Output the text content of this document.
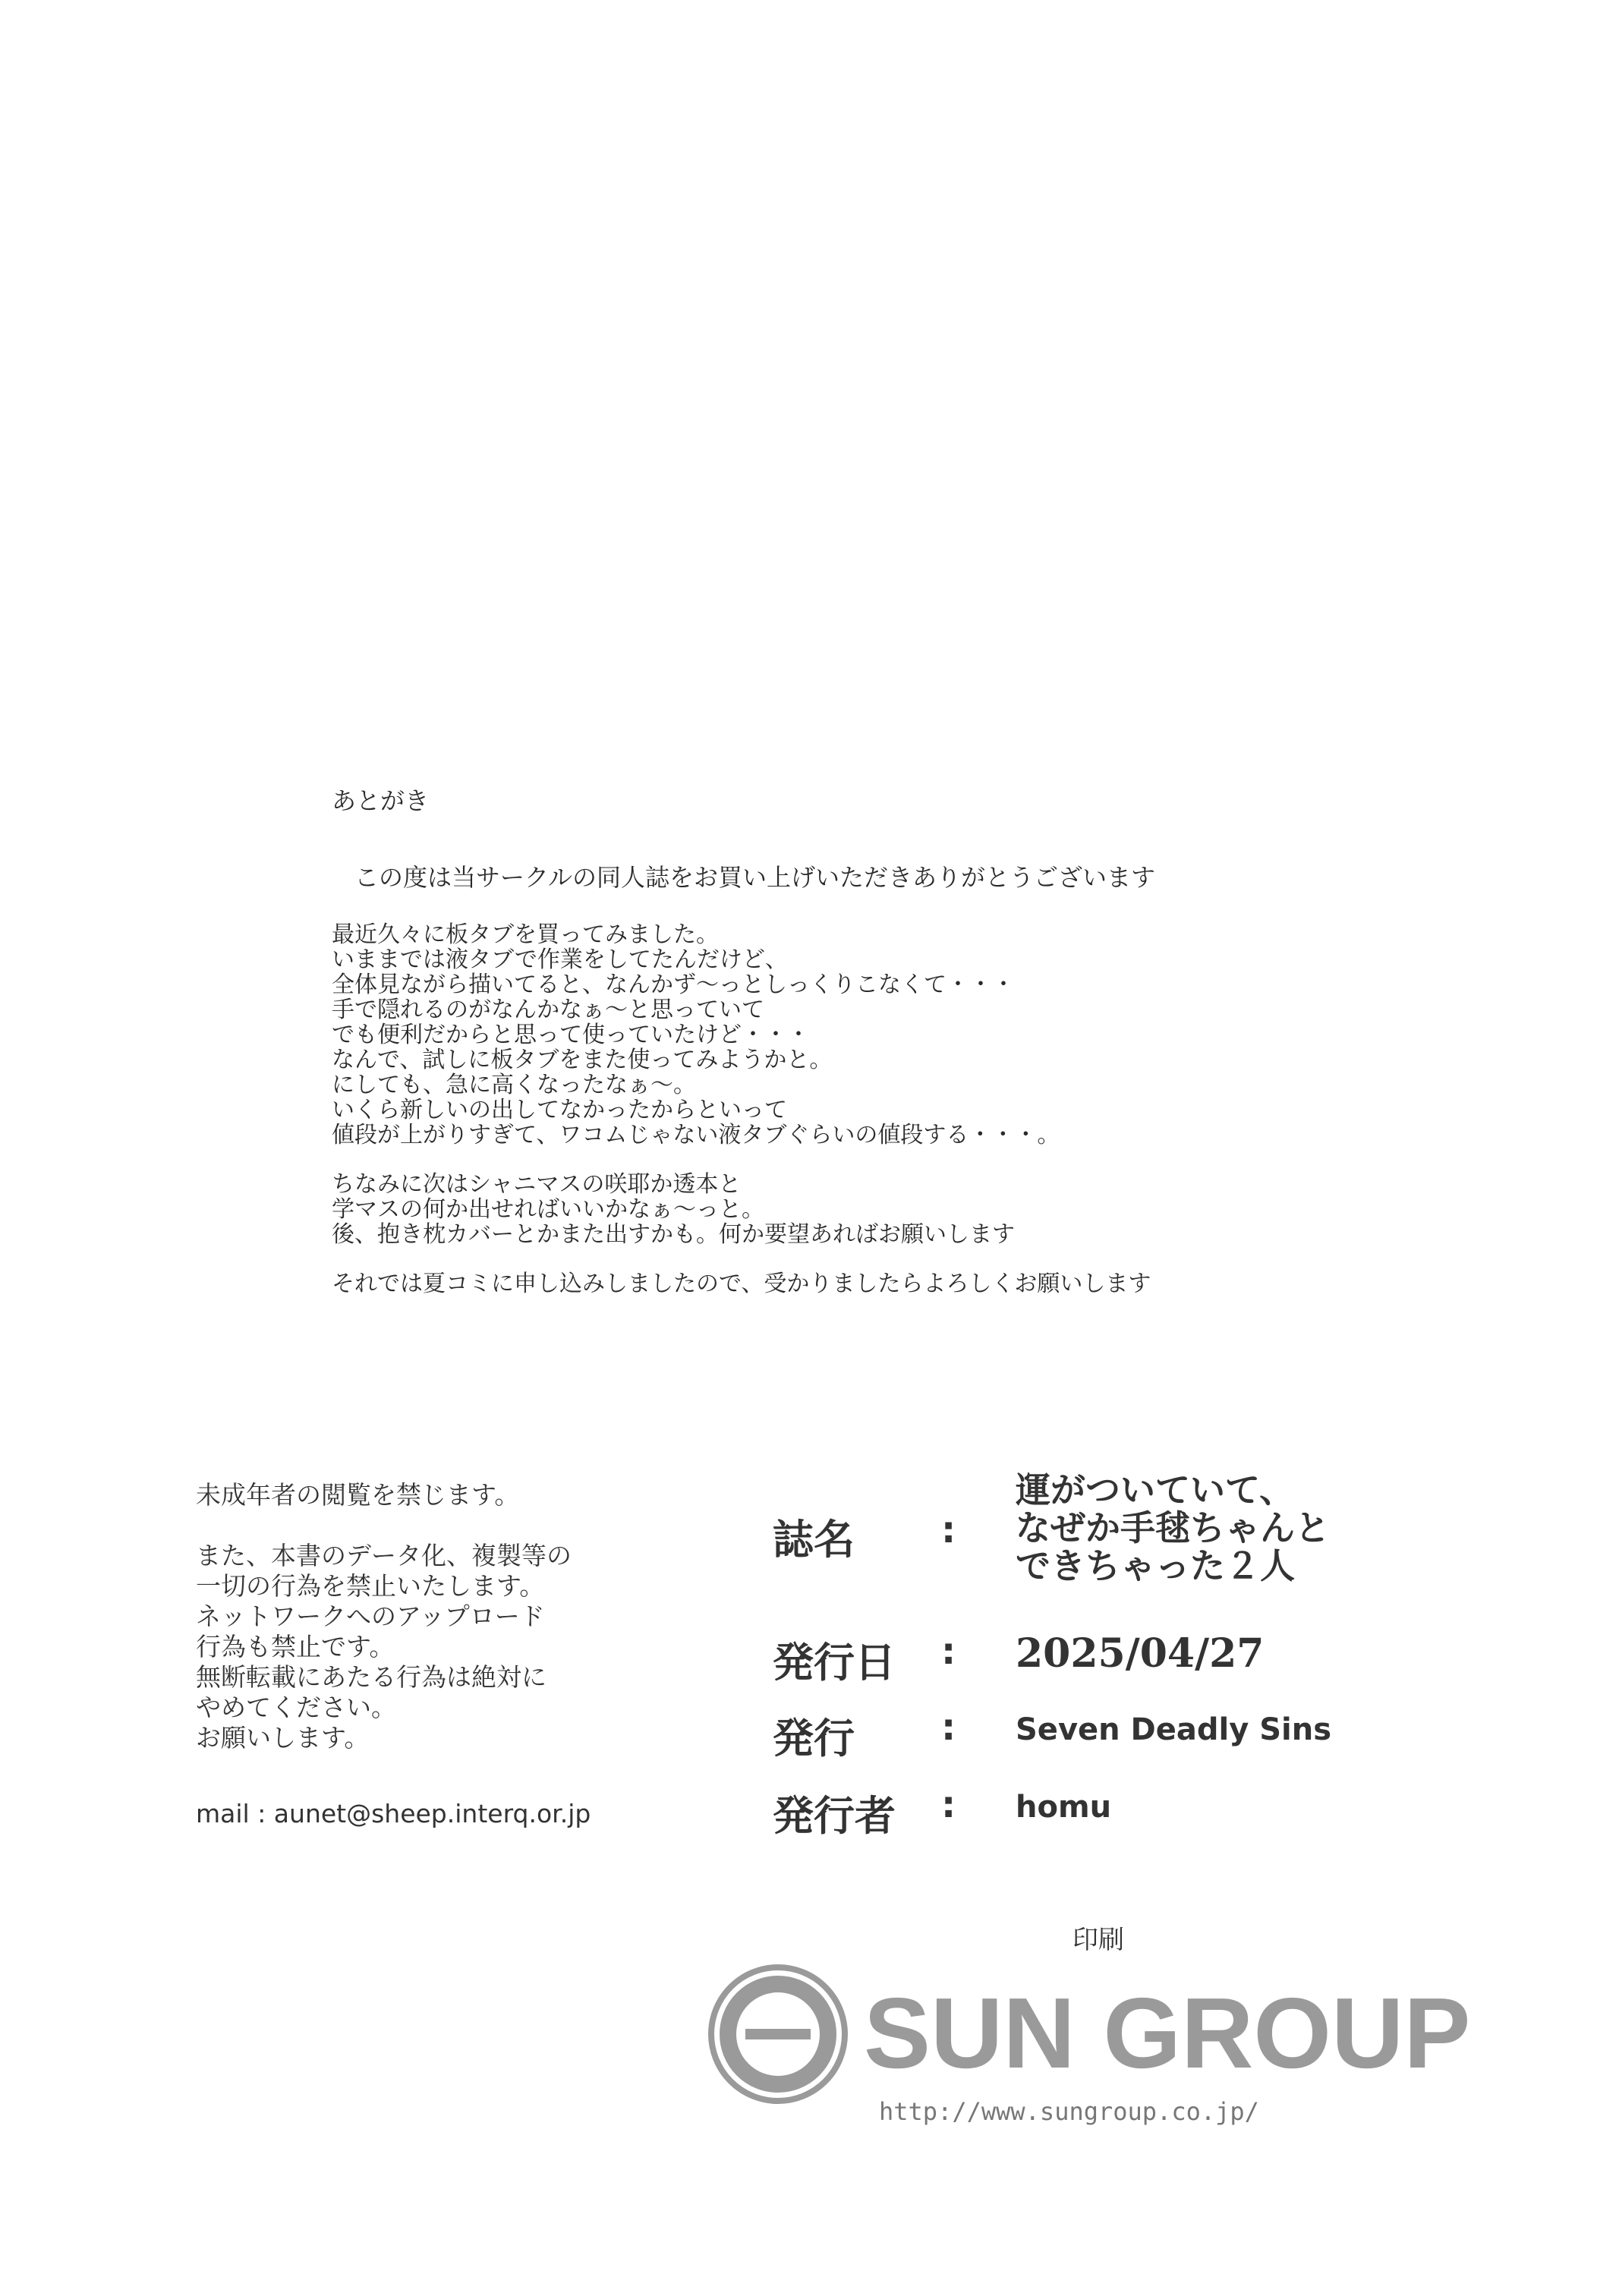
あとがき
この度は当サークルの同人誌をお買い上げいただきありがとうございます
最近久々に板タブを買ってみました。
いままでは液タブで作業をしてたんだけど、
全体見ながら描いてると、なんかず～っとしっくりこなくて・・・
手で隠れるのがなんかなぁ～と思っていて
でも便利だからと思って使っていたけど・・・
なんで、試しに板タブをまた使ってみようかと。
にしても、急に高くなったなぁ～。
いくら新しいの出してなかったからといって
値段が上がりすぎて、ワコムじゃない液タブぐらいの値段する・・・。
ちなみに次はシャニマスの咲耶か透本と
学マスの何か出せればいいかなぁ～っと。
後、抱き枕カバーとかまた出すかも。何か要望あればお願いします
それでは夏コミに申し込みしましたので、受かりましたらよろしくお願いします
未成年者の閲覧を禁じます。
また、本書のデータ化、複製等の
一切の行為を禁止いたします。
ネットワークへのアップロード
行為も禁止です。
無断転載にあたる行為は絶対に
やめてください。
お願いします。
mail : aunet@sheep.interq.or.jp
誌名 :
運がついていて、
なぜか手毬ちゃんと
できちゃった２人
発行日 : 2025/04/27
発行 : Seven Deadly Sins
発行者 : homu
印刷
SUN GROUP
http://www.sungroup.co.jp/
